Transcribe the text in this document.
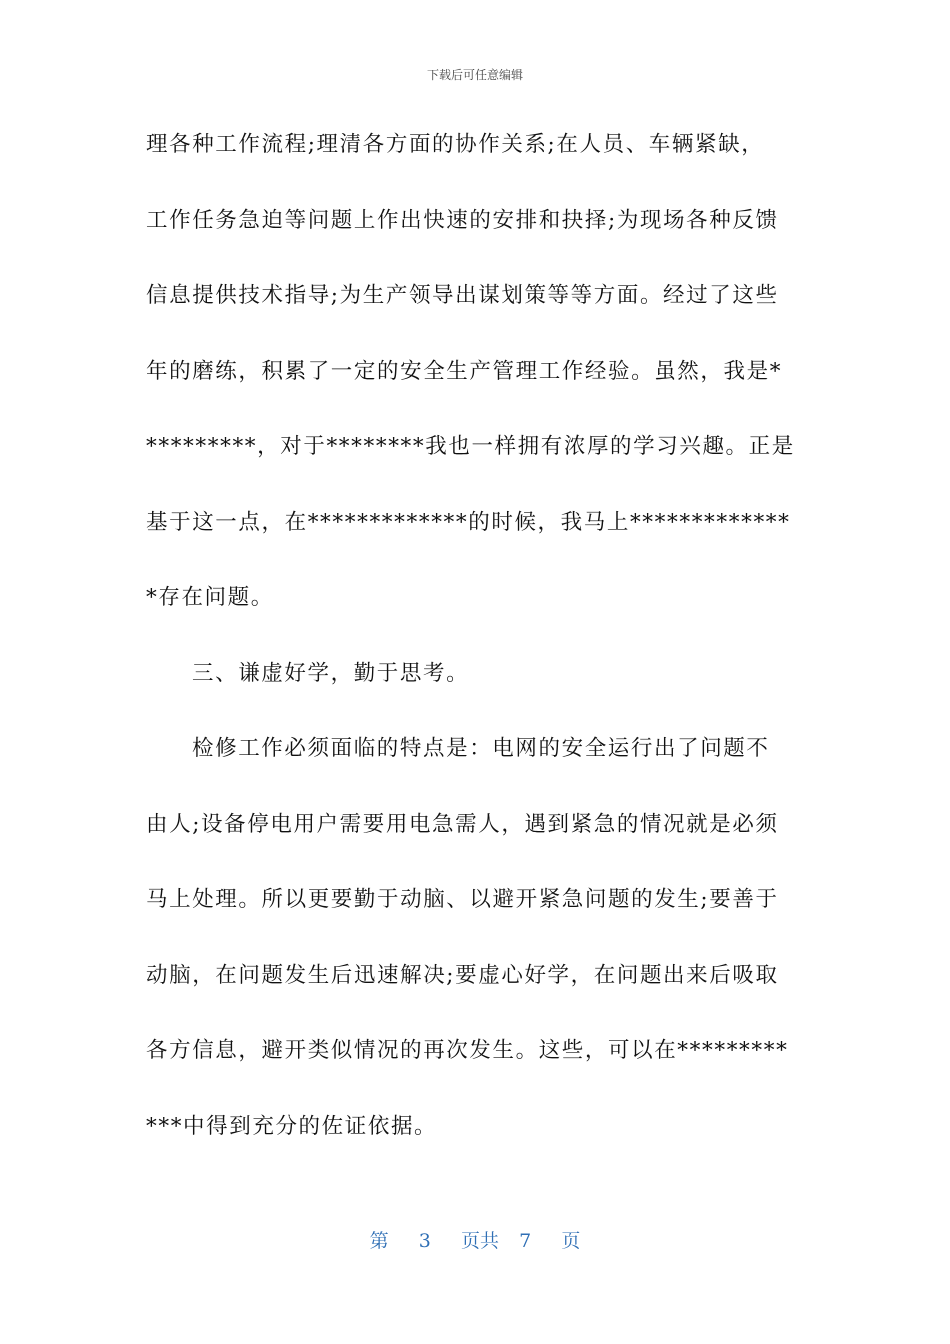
下载后可任意编辑
理各种工作流程;理清各方面的协作关系;在人员、车辆紧缺，
工作任务急迫等问题上作出快速的安排和抉择;为现场各种反馈
信息提供技术指导;为生产领导出谋划策等等方面。经过了这些
年的磨练，积累了一定的安全生产管理工作经验。虽然，我是*
*********，对于********我也一样拥有浓厚的学习兴趣。正是
基于这一点，在*************的时候，我马上*************
*存在问题。
三、谦虚好学，勤于思考。
检修工作必须面临的特点是：电网的安全运行出了问题不
由人;设备停电用户需要用电急需人，遇到紧急的情况就是必须
马上处理。所以更要勤于动脑、以避开紧急问题的发生;要善于
动脑，在问题发生后迅速解决;要虚心好学，在问题出来后吸取
各方信息，避开类似情况的再次发生。这些，可以在*********
***中得到充分的佐证依据。
第 3 页共 7 页
